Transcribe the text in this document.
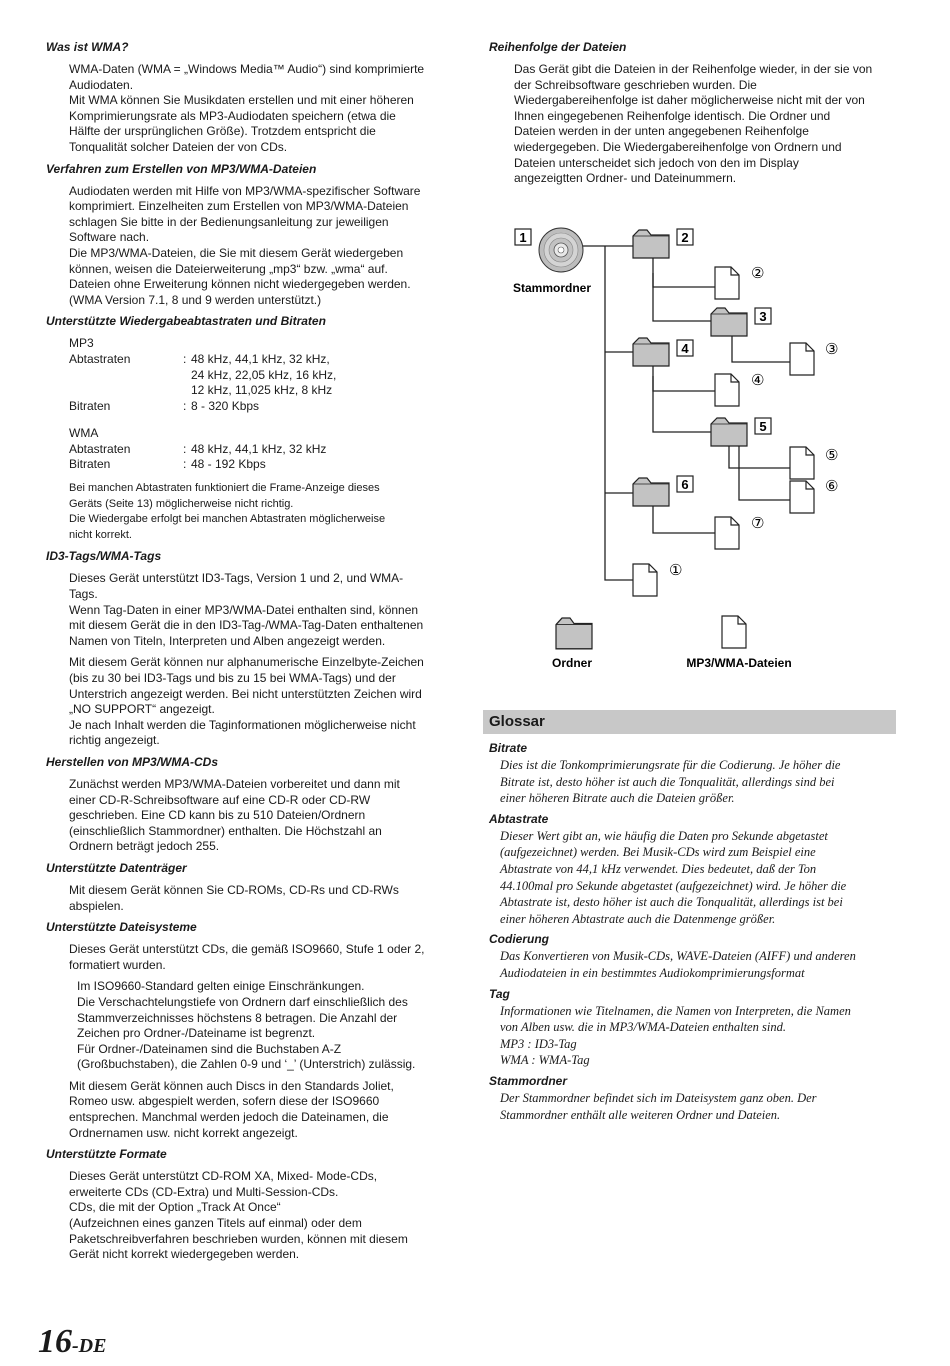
Was ist WMA?
WMA-Daten (WMA = „Windows Media™ Audio“) sind komprimierte
Audiodaten.
Mit WMA können Sie Musikdaten erstellen und mit einer höheren
Komprimierungsrate als MP3-Audiodaten speichern (etwa die
Hälfte der ursprünglichen Größe). Trotzdem entspricht die
Tonqualität solcher Dateien der von CDs.
Verfahren zum Erstellen von MP3/WMA-Dateien
Audiodaten werden mit Hilfe von MP3/WMA-spezifischer Software
komprimiert. Einzelheiten zum Erstellen von MP3/WMA-Dateien
schlagen Sie bitte in der Bedienungsanleitung zur jeweiligen
Software nach.
Die MP3/WMA-Dateien, die Sie mit diesem Gerät wiedergeben
können, weisen die Dateierweiterung „mp3“ bzw. „wma“ auf.
Dateien ohne Erweiterung können nicht wiedergegeben werden.
(WMA Version 7.1, 8 und 9 werden unterstützt.)
Unterstützte Wiedergabeabtastraten und Bitraten
MP3
Abtastraten	: 48 kHz, 44,1 kHz, 32 kHz,
24 kHz, 22,05 kHz, 16 kHz,
12 kHz, 11,025 kHz, 8 kHz
Bitraten	: 8 - 320 Kbps
WMA
Abtastraten	: 48 kHz, 44,1 kHz, 32 kHz
Bitraten	: 48 - 192 Kbps
Bei manchen Abtastraten funktioniert die Frame-Anzeige dieses
Geräts (Seite 13) möglicherweise nicht richtig.
Die Wiedergabe erfolgt bei manchen Abtastraten möglicherweise
nicht korrekt.
ID3-Tags/WMA-Tags
Dieses Gerät unterstützt ID3-Tags, Version 1 und 2, und WMA-
Tags.
Wenn Tag-Daten in einer MP3/WMA-Datei enthalten sind, können
mit diesem Gerät die in den ID3-Tag-/WMA-Tag-Daten enthaltenen
Namen von Titeln, Interpreten und Alben angezeigt werden.
Mit diesem Gerät können nur alphanumerische Einzelbyte-Zeichen
(bis zu 30 bei ID3-Tags und bis zu 15 bei WMA-Tags) und der
Unterstrich angezeigt werden. Bei nicht unterstützten Zeichen wird
„NO SUPPORT“ angezeigt.
Je nach Inhalt werden die Taginformationen möglicherweise nicht
richtig angezeigt.
Herstellen von MP3/WMA-CDs
Zunächst werden MP3/WMA-Dateien vorbereitet und dann mit
einer CD-R-Schreibsoftware auf eine CD-R oder CD-RW
geschrieben. Eine CD kann bis zu 510 Dateien/Ordnern
(einschließlich Stammordner) enthalten. Die Höchstzahl an
Ordnern beträgt jedoch 255.
Unterstützte Datenträger
Mit diesem Gerät können Sie CD-ROMs, CD-Rs und CD-RWs
abspielen.
Unterstützte Dateisysteme
Dieses Gerät unterstützt CDs, die gemäß ISO9660, Stufe 1 oder 2,
formatiert wurden.
Im ISO9660-Standard gelten einige Einschränkungen.
Die Verschachtelungstiefe von Ordnern darf einschließlich des
Stammverzeichnisses höchstens 8 betragen. Die Anzahl der
Zeichen pro Ordner-/Dateiname ist begrenzt.
Für Ordner-/Dateinamen sind die Buchstaben A-Z
(Großbuchstaben), die Zahlen 0-9 und ‘_’ (Unterstrich) zulässig.
Mit diesem Gerät können auch Discs in den Standards Joliet,
Romeo usw. abgespielt werden, sofern diese der ISO9660
entsprechen. Manchmal werden jedoch die Dateinamen, die
Ordnernamen usw. nicht korrekt angezeigt.
Unterstützte Formate
Dieses Gerät unterstützt CD-ROM XA, Mixed- Mode-CDs,
erweiterte CDs (CD-Extra) und Multi-Session-CDs.
CDs, die mit der Option „Track At Once“
(Aufzeichnen eines ganzen Titels auf einmal) oder dem
Paketschreibverfahren beschrieben wurden, können mit diesem
Gerät nicht korrekt wiedergegeben werden.
Reihenfolge der Dateien
Das Gerät gibt die Dateien in der Reihenfolge wieder, in der sie von
der Schreibsoftware geschrieben wurden. Die
Wiedergabereihenfolge ist daher möglicherweise nicht mit der von
Ihnen eingegebenen Reihenfolge identisch. Die Ordner und
Dateien werden in der unten angegebenen Reihenfolge
wiedergegeben. Die Wiedergabereihenfolge von Ordnern und
Dateien unterscheidet sich jedoch von den im Display
angezeigtten Ordner- und Dateinummern.
1
Stammordner
2
3
4
5
6
②
③
④
⑤
⑥
⑦
①
Ordner	MP3/WMA-Dateien
Glossar
Bitrate
Dies ist die Tonkomprimierungsrate für die Codierung. Je höher die
Bitrate ist, desto höher ist auch die Tonqualität, allerdings sind bei
einer höheren Bitrate auch die Dateien größer.
Abtastrate
Dieser Wert gibt an, wie häufig die Daten pro Sekunde abgetastet
(aufgezeichnet) werden. Bei Musik-CDs wird zum Beispiel eine
Abtastrate von 44,1 kHz verwendet. Dies bedeutet, daß der Ton
44.100mal pro Sekunde abgetastet (aufgezeichnet) wird. Je höher die
Abtastrate ist, desto höher ist auch die Tonqualität, allerdings ist bei
einer höheren Abtastrate auch die Datenmenge größer.
Codierung
Das Konvertieren von Musik-CDs, WAVE-Dateien (AIFF) und anderen
Audiodateien in ein bestimmtes Audiokomprimierungsformat
Tag
Informationen wie Titelnamen, die Namen von Interpreten, die Namen
von Alben usw. die in MP3/WMA-Dateien enthalten sind.
MP3 : ID3-Tag
WMA : WMA-Tag
Stammordner
Der Stammordner befindet sich im Dateisystem ganz oben. Der
Stammordner enthält alle weiteren Ordner und Dateien.
16-DE
